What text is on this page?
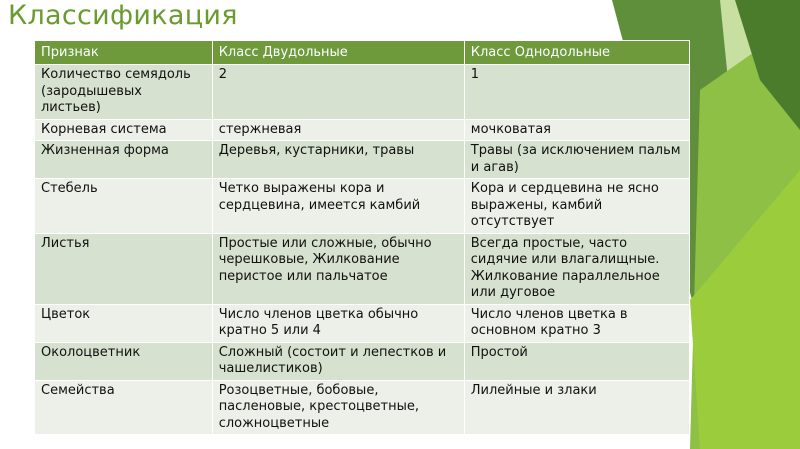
Классификация
Признак	Класс Двудольные	Класс Однодольные
Количество семядоль (зародышевых листьев)	2	1
Корневая система	стержневая	мочковатая
Жизненная форма	Деревья, кустарники, травы	Травы (за исключением пальм и агав)
Стебель	Четко выражены кора и сердцевина, имеется камбий	Кора и сердцевина не ясно выражены, камбий отсутствует
Листья	Простые или сложные, обычно черешковые, Жилкование перистое или пальчатое	Всегда простые, часто сидячие или влагалищные. Жилкование параллельное или дуговое
Цветок	Число членов цветка обычно кратно 5 или 4	Число членов цветка в основном кратно 3
Околоцветник	Сложный (состоит и лепестков и чашелистиков)	Простой
Семейства	Розоцветные, бобовые, пасленовые, крестоцветные, сложноцветные	Лилейные и злаки
